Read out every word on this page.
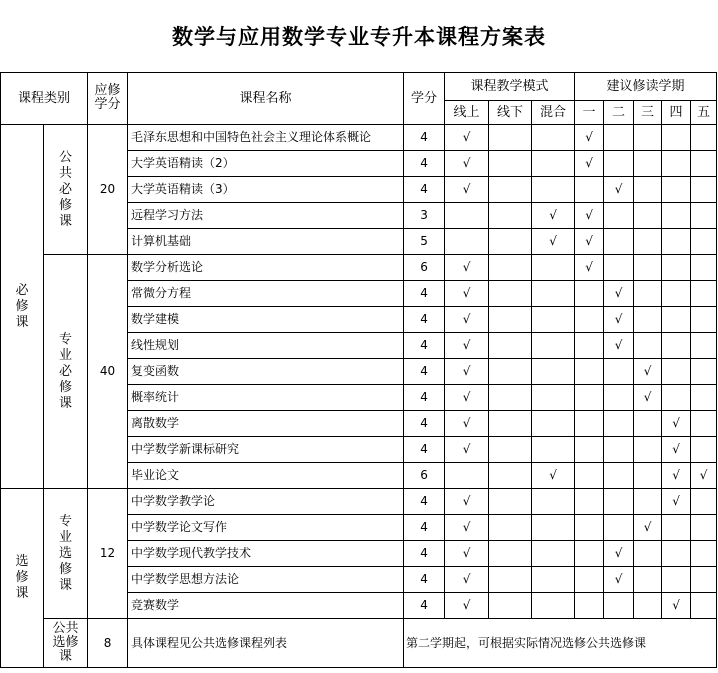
数学与应用数学专业专升本课程方案表
课程类别		应修学分	课程名称	学分	课程教学模式			建议修读学期				
					线上	线下	混合	一	二	三	四	五
必修课	公共必修课	20	毛泽东思想和中国特色社会主义理论体系概论	4	√			√				
			大学英语精读（2）	4	√			√				
			大学英语精读（3）	4	√				√			
			远程学习方法	3			√	√				
			计算机基础	5			√	√				
	专业必修课	40	数学分析选论	6	√			√				
			常微分方程	4	√				√			
			数学建模	4	√				√			
			线性规划	4	√				√			
			复变函数	4	√					√		
			概率统计	4	√					√		
			离散数学	4	√						√	
			中学数学新课标研究	4	√						√	
			毕业论文	6			√				√	√
选修课	专业选修课	12	中学数学教学论	4	√						√	
			中学数学论文写作	4	√					√		
			中学数学现代教学技术	4	√				√			
			中学数学思想方法论	4	√				√			
			竞赛数学	4	√						√	
	公共选修课	8	具体课程见公共选修课程列表	第二学期起，可根据实际情况选修公共选修课								
